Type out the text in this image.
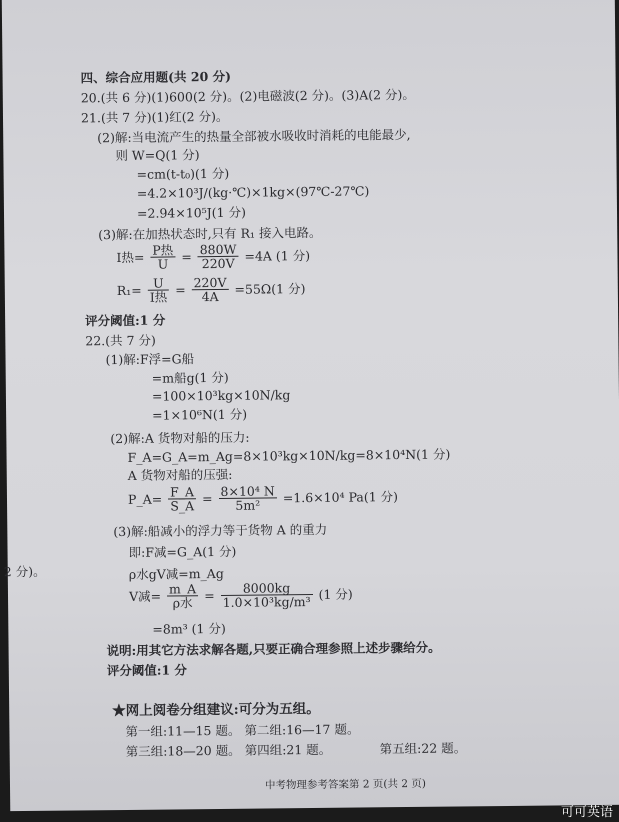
四、综合应用题(共 20 分)
20.(共 6 分)(1)600(2 分)。(2)电磁波(2 分)。(3)A(2 分)。
21.(共 7 分)(1)红(2 分)。
(2)解:当电流产生的热量全部被水吸收时消耗的电能最少,
则 W=Q(1 分)
=cm(t-t₀)(1 分)
=4.2×10³J/(kg·℃)×1kg×(97℃-27℃)
=2.94×10⁵J(1 分)
(3)解:在加热状态时,只有 R₁ 接入电路。
I热= $\frac{\text{P热}}{U} = \frac{880W}{220V} =4A$ (1 分)
$R_1= \frac{U}{\text{I热}} = \frac{220V}{4A} =55\Omega(1$ 分)
评分阈值:1 分
22.(共 7 分)
(1)解:F浮=G船
=m船g(1 分)
=100×10³kg×10N/kg
=1×10⁶N(1 分)
(2)解:A 货物对船的压力:
F_A=G_A=m_Ag=8×10³kg×10N/kg=8×10⁴N(1 分)
A 货物对船的压强:
P_A= $\frac{F\_A}{S\_A} = \frac{\text{8×10⁴ N}}{\text{5m²}} =1.6\times 10^4$ Pa(1 分)
(3)解:船减小的浮力等于货物 A 的重力
即:F减=G_A(1 分)
ρ水gV减=m_Ag
V减= $\frac{m\_A}{\text{ρ水}} = \frac{8000kg}{\text{1.0×10³kg/m³}} (1$ 分)
=8m³ (1 分)
说明:用其它方法求解各题,只要正确合理参照上述步骤给分。
评分阈值:1 分
2 分)。
★网上阅卷分组建议:可分为五组。
第一组:11—15 题。 第二组:16—17 题。
第三组:18—20 题。 第四组:21 题。	第五组:22 题。
中考物理参考答案第 2 页(共 2 页)
可可英语
